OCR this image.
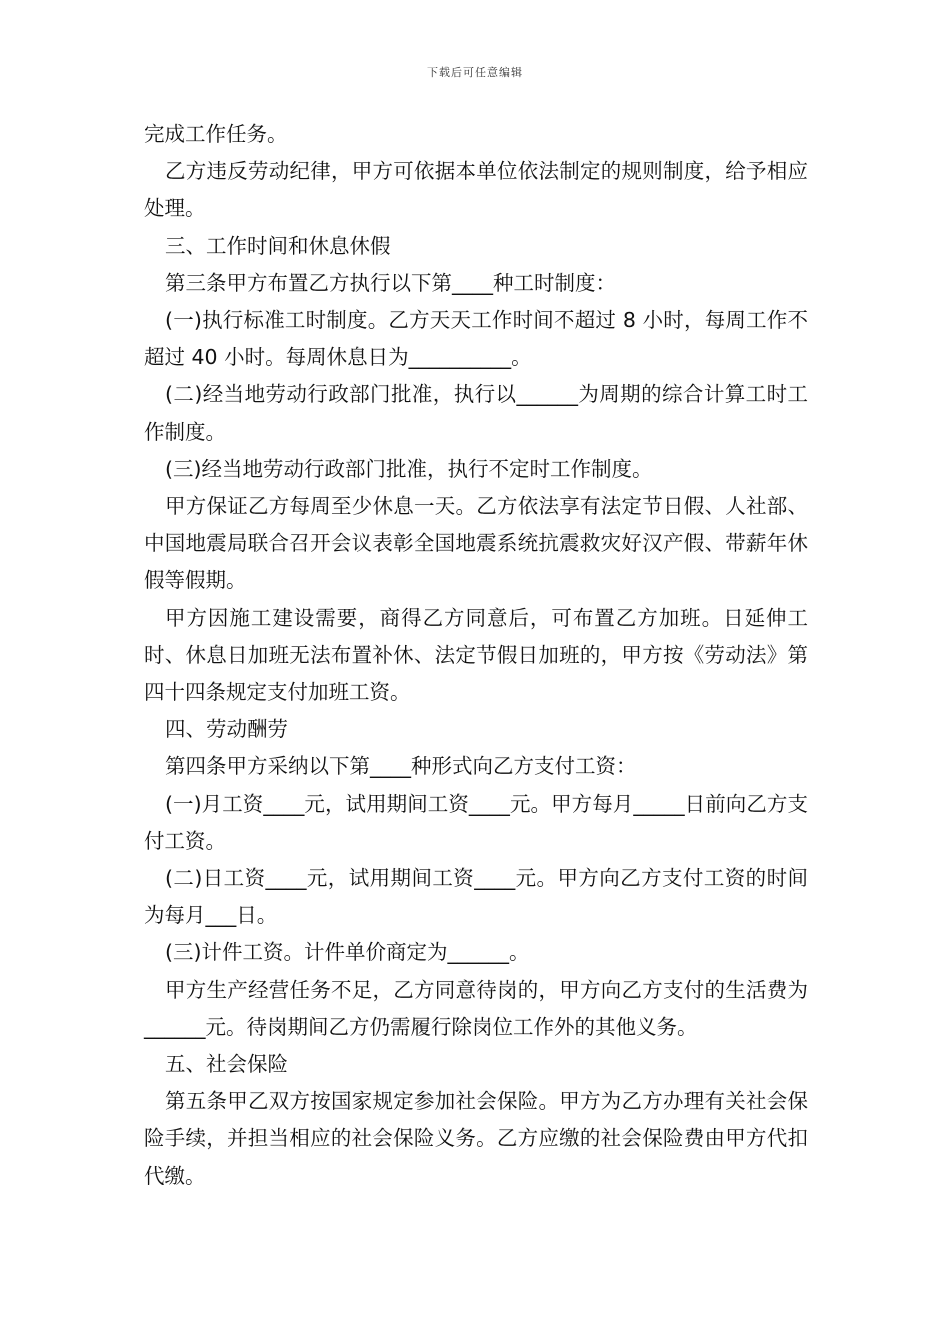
下载后可任意编辑

完成工作任务。

乙方违反劳动纪律，甲方可依据本单位依法制定的规则制度，给予相应处理。

三、工作时间和休息休假

第三条甲方布置乙方执行以下第____种工时制度：

(一)执行标准工时制度。乙方天天工作时间不超过 8 小时，每周工作不超过 40 小时。每周休息日为__________。

(二)经当地劳动行政部门批准，执行以______为周期的综合计算工时工作制度。

(三)经当地劳动行政部门批准，执行不定时工作制度。

甲方保证乙方每周至少休息一天。乙方依法享有法定节日假、人社部、中国地震局联合召开会议表彰全国地震系统抗震救灾好汉产假、带薪年休假等假期。

甲方因施工建设需要，商得乙方同意后，可布置乙方加班。日延伸工时、休息日加班无法布置补休、法定节假日加班的，甲方按《劳动法》第四十四条规定支付加班工资。

四、劳动酬劳

第四条甲方采纳以下第____种形式向乙方支付工资：

(一)月工资____元，试用期间工资____元。甲方每月_____日前向乙方支付工资。

(二)日工资____元，试用期间工资____元。甲方向乙方支付工资的时间为每月___日。

(三)计件工资。计件单价商定为______。

甲方生产经营任务不足，乙方同意待岗的，甲方向乙方支付的生活费为______元。待岗期间乙方仍需履行除岗位工作外的其他义务。

五、社会保险

第五条甲乙双方按国家规定参加社会保险。甲方为乙方办理有关社会保险手续，并担当相应的社会保险义务。乙方应缴的社会保险费由甲方代扣代缴。
